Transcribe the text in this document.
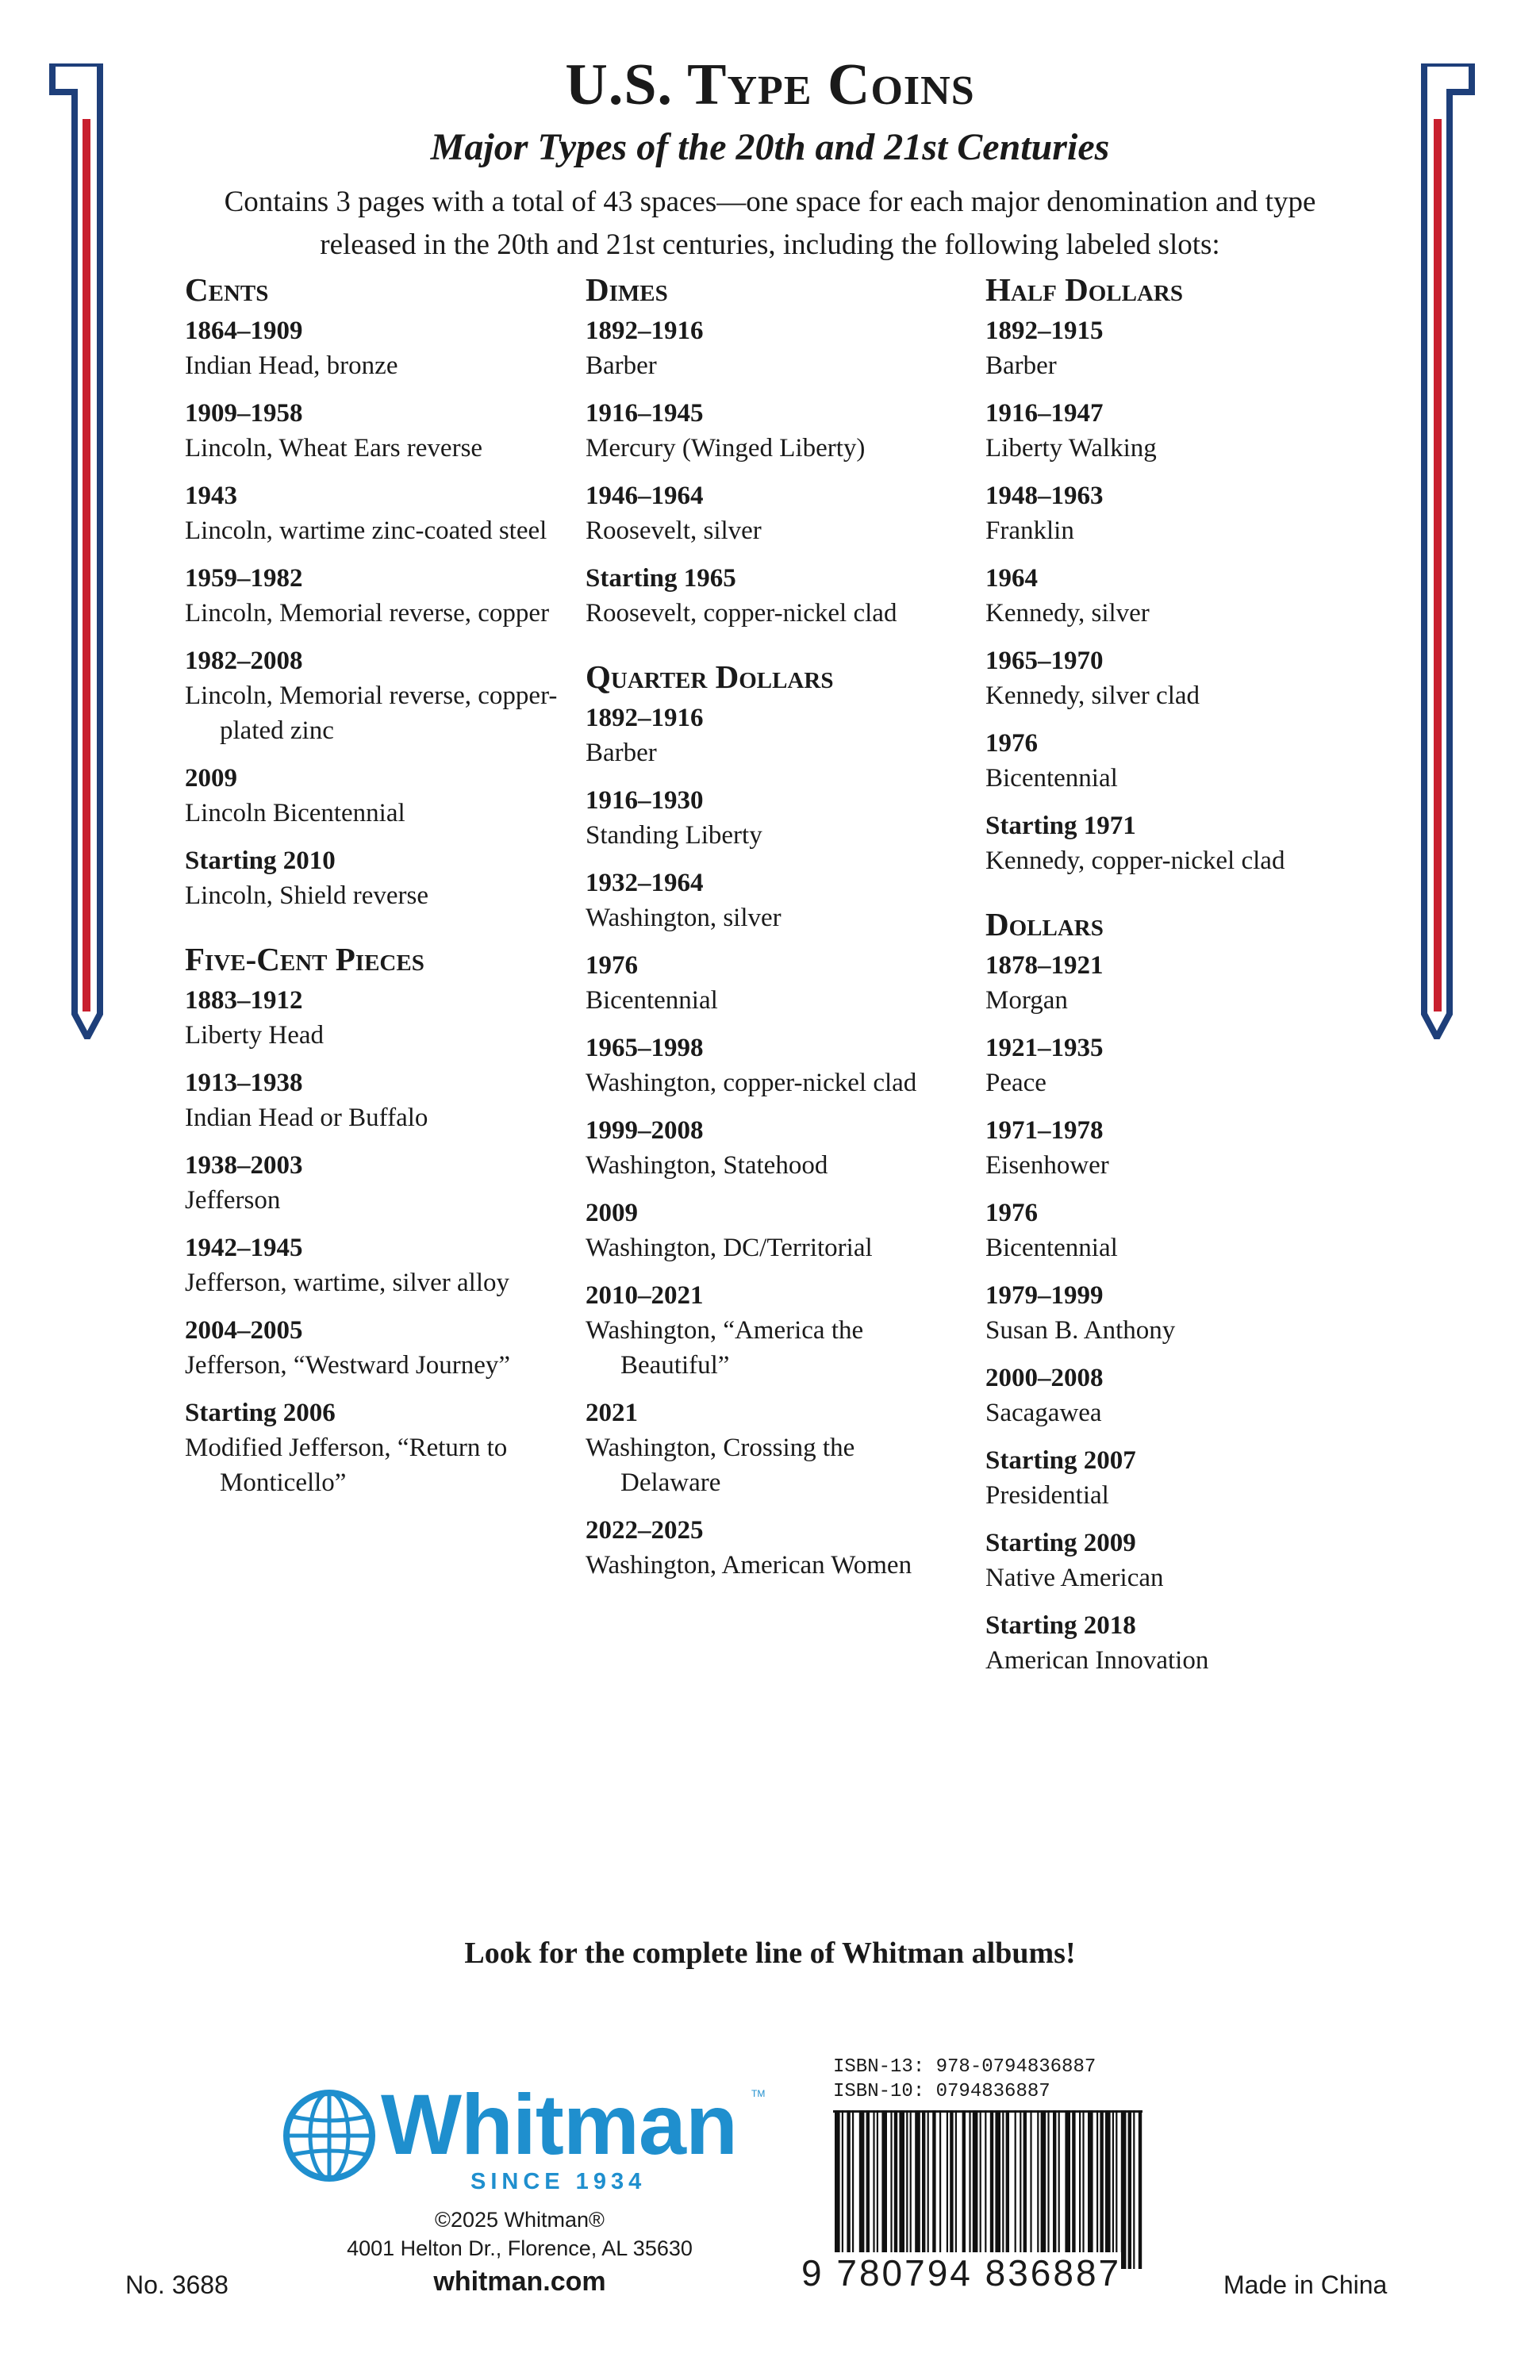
U.S. Type Coins
Major Types of the 20th and 21st Centuries
Contains 3 pages with a total of 43 spaces—one space for each major denomination and type released in the 20th and 21st centuries, including the following labeled slots:
Cents
1864–1909
Indian Head, bronze
1909–1958
Lincoln, Wheat Ears reverse
1943
Lincoln, wartime zinc-coated steel
1959–1982
Lincoln, Memorial reverse, copper
1982–2008
Lincoln, Memorial reverse, copper-plated zinc
2009
Lincoln Bicentennial
Starting 2010
Lincoln, Shield reverse
Five-Cent Pieces
1883–1912
Liberty Head
1913–1938
Indian Head or Buffalo
1938–2003
Jefferson
1942–1945
Jefferson, wartime, silver alloy
2004–2005
Jefferson, “Westward Journey”
Starting 2006
Modified Jefferson, “Return to Monticello”
Dimes
1892–1916
Barber
1916–1945
Mercury (Winged Liberty)
1946–1964
Roosevelt, silver
Starting 1965
Roosevelt, copper-nickel clad
Quarter Dollars
1892–1916
Barber
1916–1930
Standing Liberty
1932–1964
Washington, silver
1976
Bicentennial
1965–1998
Washington, copper-nickel clad
1999–2008
Washington, Statehood
2009
Washington, DC/Territorial
2010–2021
Washington, “America the Beautiful”
2021
Washington, Crossing the Delaware
2022–2025
Washington, American Women
Half Dollars
1892–1915
Barber
1916–1947
Liberty Walking
1948–1963
Franklin
1964
Kennedy, silver
1965–1970
Kennedy, silver clad
1976
Bicentennial
Starting 1971
Kennedy, copper-nickel clad
Dollars
1878–1921
Morgan
1921–1935
Peace
1971–1978
Eisenhower
1976
Bicentennial
1979–1999
Susan B. Anthony
2000–2008
Sacagawea
Starting 2007
Presidential
Starting 2009
Native American
Starting 2018
American Innovation
Look for the complete line of Whitman albums!
Whitman TM
SINCE 1934
©2025 Whitman®
4001 Helton Dr., Florence, AL 35630
whitman.com
No. 3688	Made in China
ISBN-13: 978-0794836887
ISBN-10: 0794836887
9 780794 836887
